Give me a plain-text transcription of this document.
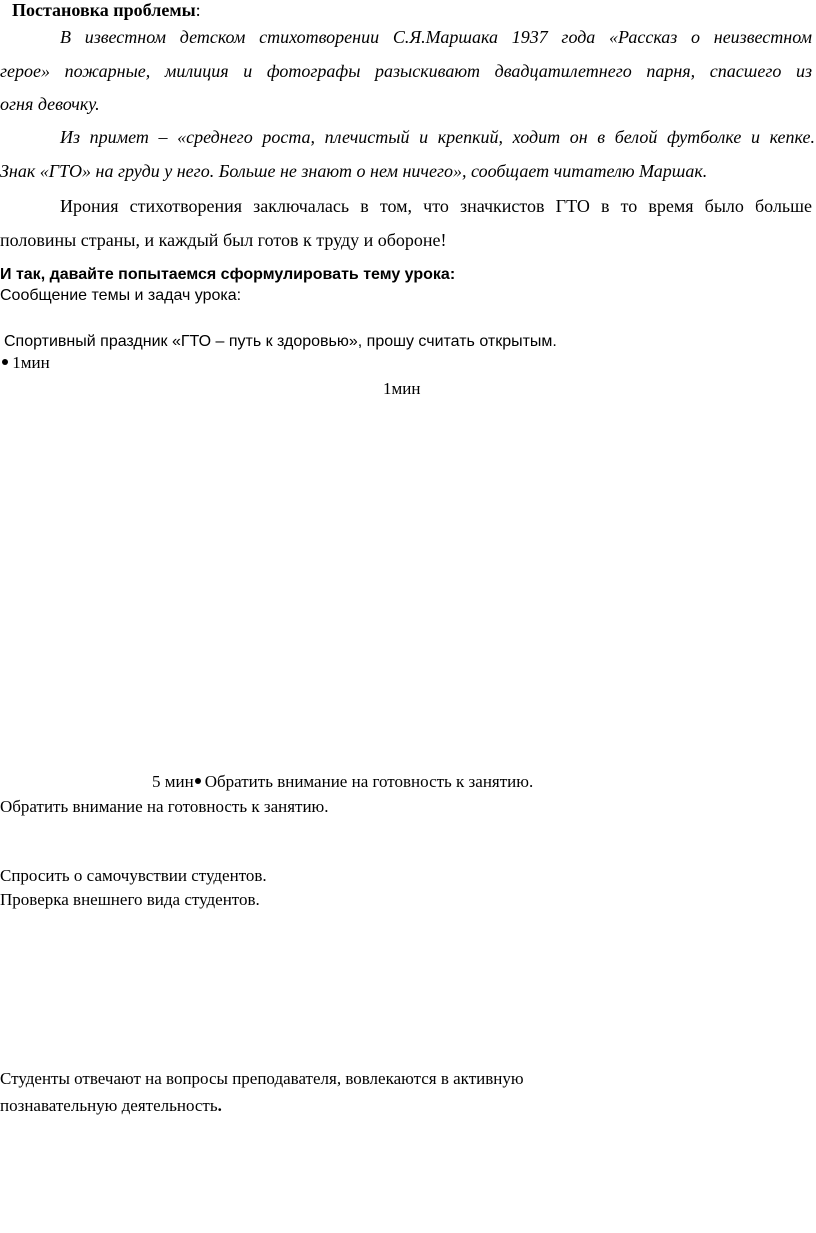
Постановка проблемы:
В известном детском стихотворении С.Я.Маршака 1937 года «Рассказ о неизвестном
герое» пожарные, милиция и фотографы разыскивают двадцатилетнего парня, спасшего из
огня девочку.
Из примет – «среднего роста, плечистый и крепкий, ходит он в белой футболке и кепке.
Знак «ГТО» на груди у него. Больше не знают о нем ничего», сообщает читателю Маршак.
Ирония стихотворения заключалась в том, что значкистов ГТО в то время было больше
половины страны, и каждый был готов к труду и обороне!
И так, давайте попытаемся сформулировать тему урока:
Сообщение темы и задач урока:
Спортивный праздник «ГТО – путь к здоровью», прошу считать открытым.
1мин
1мин
5 мин Обратить внимание на готовность к занятию.
Обратить внимание на готовность к занятию.
Спросить о самочувствии студентов.
Проверка внешнего вида студентов.
Студенты отвечают на вопросы преподавателя, вовлекаются в активную
познавательную деятельность.
